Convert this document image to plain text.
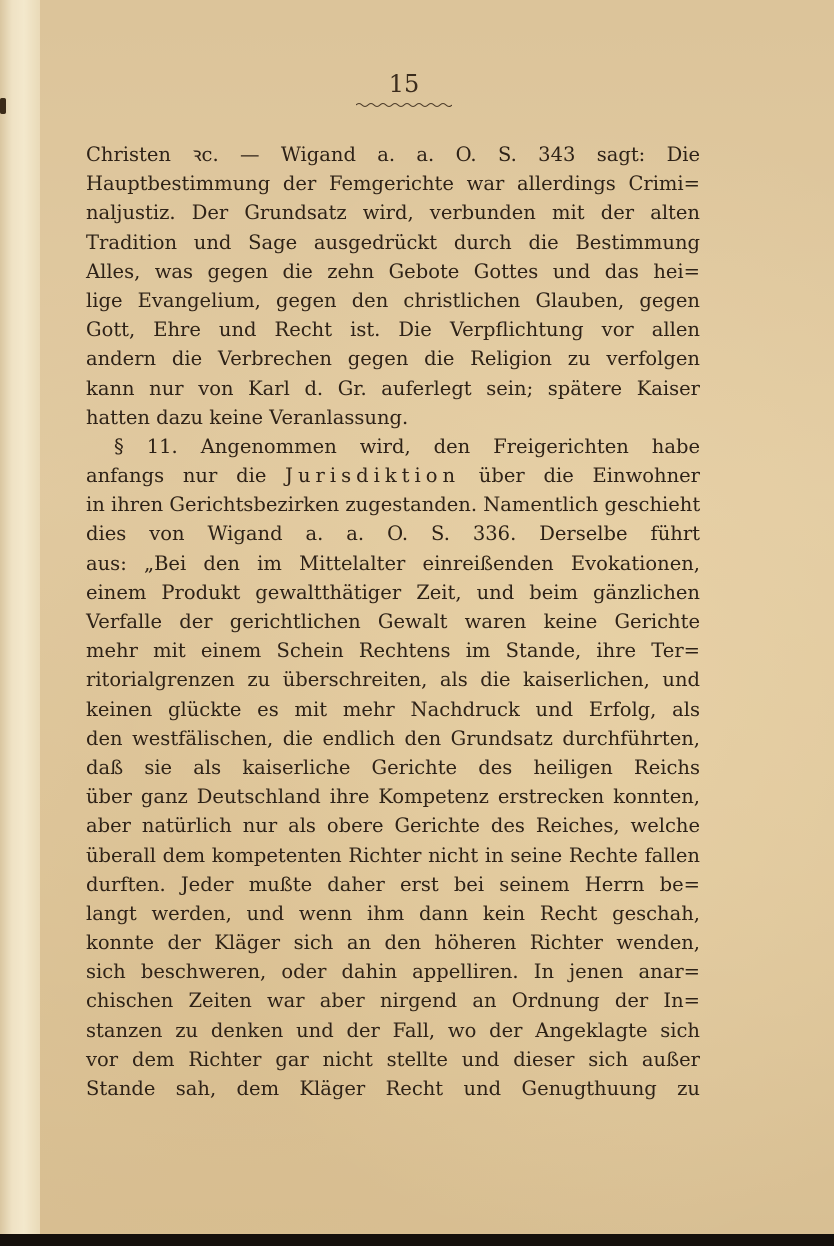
15
Christen ꝛc. — Wigand a. a. O. S. 343 sagt: Die
Hauptbestimmung der Femgerichte war allerdings Crimi=
naljustiz. Der Grundsatz wird, verbunden mit der alten
Tradition und Sage ausgedrückt durch die Bestimmung
Alles, was gegen die zehn Gebote Gottes und das hei=
lige Evangelium, gegen den christlichen Glauben, gegen
Gott, Ehre und Recht ist. Die Verpflichtung vor allen
andern die Verbrechen gegen die Religion zu verfolgen
kann nur von Karl d. Gr. auferlegt sein; spätere Kaiser
hatten dazu keine Veranlassung.
§ 11. Angenommen wird, den Freigerichten habe
anfangs nur die Jurisdiktion über die Einwohner
in ihren Gerichtsbezirken zugestanden. Namentlich geschieht
dies von Wigand a. a. O. S. 336. Derselbe führt
aus: „Bei den im Mittelalter einreißenden Evokationen,
einem Produkt gewaltthätiger Zeit, und beim gänzlichen
Verfalle der gerichtlichen Gewalt waren keine Gerichte
mehr mit einem Schein Rechtens im Stande, ihre Ter=
ritorialgrenzen zu überschreiten, als die kaiserlichen, und
keinen glückte es mit mehr Nachdruck und Erfolg, als
den westfälischen, die endlich den Grundsatz durchführten,
daß sie als kaiserliche Gerichte des heiligen Reichs
über ganz Deutschland ihre Kompetenz erstrecken konnten,
aber natürlich nur als obere Gerichte des Reiches, welche
überall dem kompetenten Richter nicht in seine Rechte fallen
durften. Jeder mußte daher erst bei seinem Herrn be=
langt werden, und wenn ihm dann kein Recht geschah,
konnte der Kläger sich an den höheren Richter wenden,
sich beschweren, oder dahin appelliren. In jenen anar=
chischen Zeiten war aber nirgend an Ordnung der In=
stanzen zu denken und der Fall, wo der Angeklagte sich
vor dem Richter gar nicht stellte und dieser sich außer
Stande sah, dem Kläger Recht und Genugthuung zu
